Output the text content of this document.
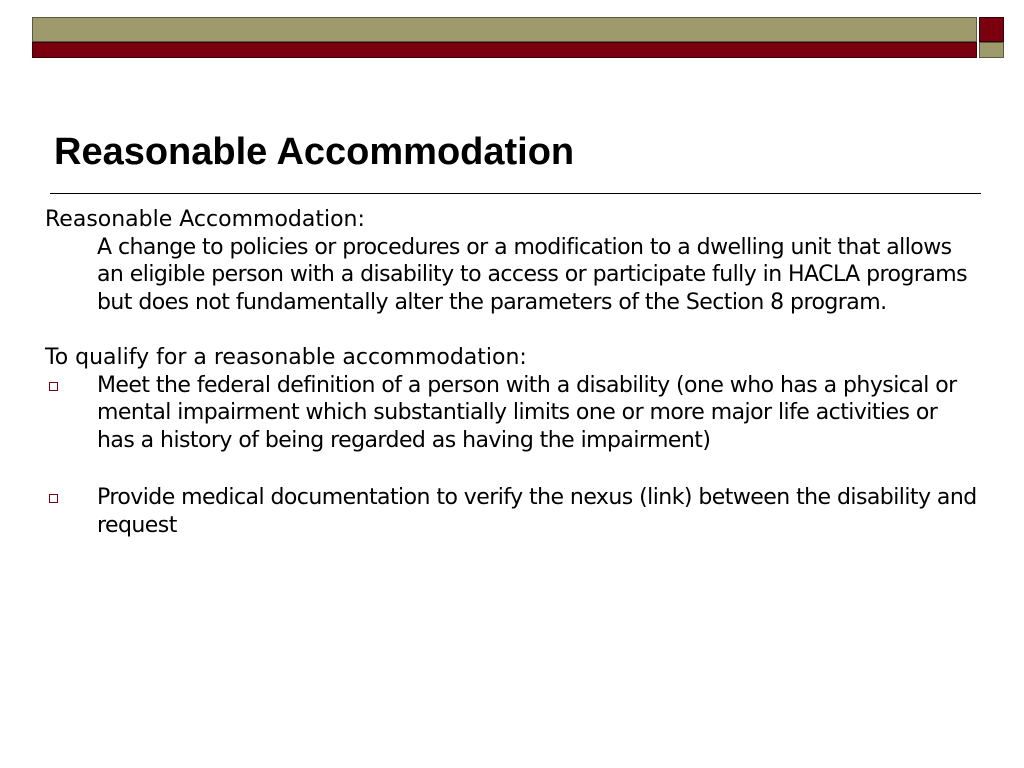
Reasonable Accommodation

Reasonable Accommodation:

A change to policies or procedures or a modification to a dwelling unit that allows an eligible person with a disability to access or participate fully in HACLA programs but does not fundamentally alter the parameters of the Section 8 program.

To qualify for a reasonable accommodation:

Meet the federal definition of a person with a disability (one who has a physical or mental impairment which substantially limits one or more major life activities or has a history of being regarded as having the impairment)
Provide medical documentation to verify the nexus (link) between the disability and request
